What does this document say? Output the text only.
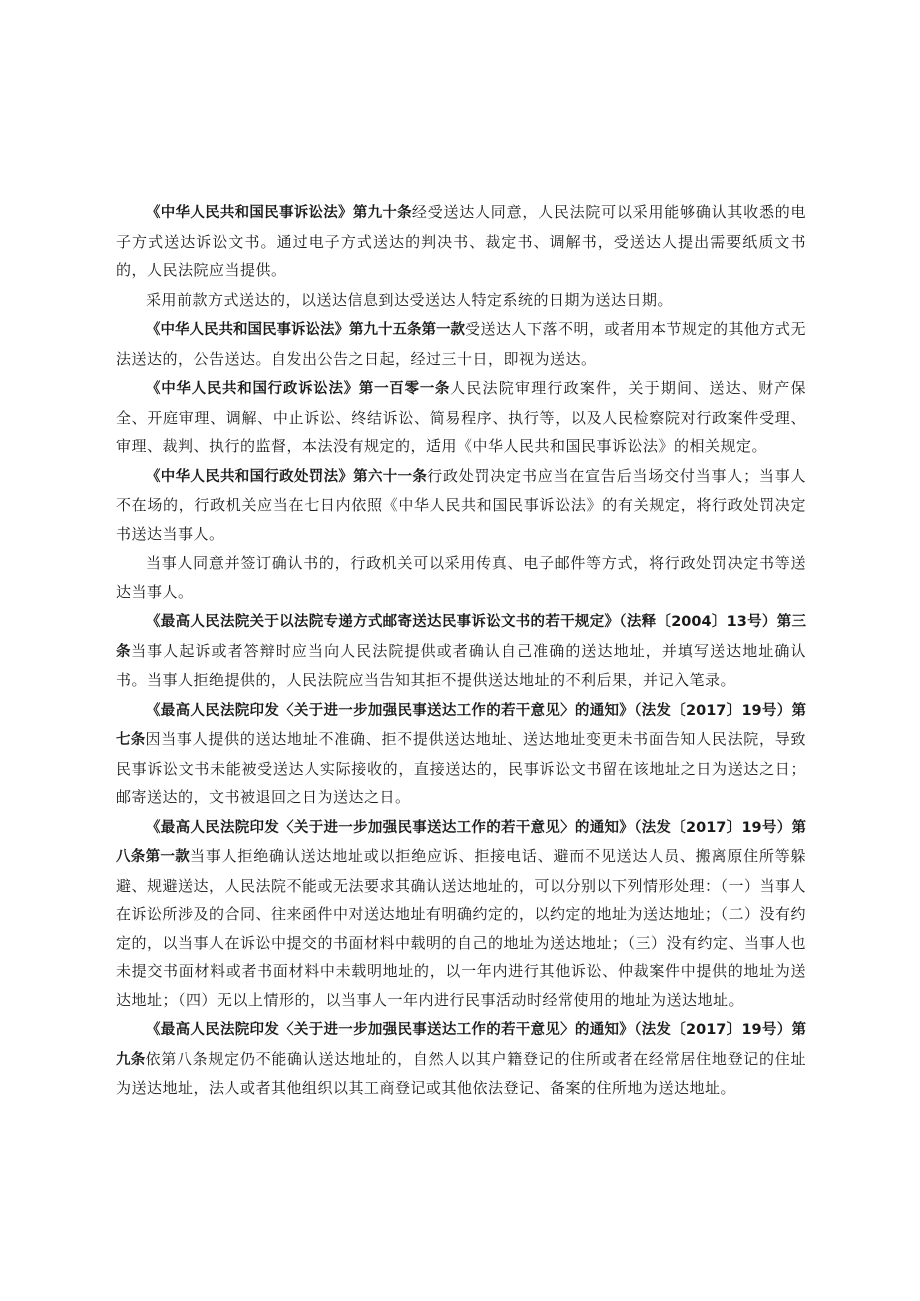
《中华人民共和国民事诉讼法》第九十条经受送达人同意，人民法院可以采用能够确认其收悉的电子方式送达诉讼文书。通过电子方式送达的判决书、裁定书、调解书，受送达人提出需要纸质文书的，人民法院应当提供。

采用前款方式送达的，以送达信息到达受送达人特定系统的日期为送达日期。

《中华人民共和国民事诉讼法》第九十五条第一款受送达人下落不明，或者用本节规定的其他方式无法送达的，公告送达。自发出公告之日起，经过三十日，即视为送达。

《中华人民共和国行政诉讼法》第一百零一条人民法院审理行政案件，关于期间、送达、财产保全、开庭审理、调解、中止诉讼、终结诉讼、简易程序、执行等，以及人民检察院对行政案件受理、审理、裁判、执行的监督，本法没有规定的，适用《中华人民共和国民事诉讼法》的相关规定。

《中华人民共和国行政处罚法》第六十一条行政处罚决定书应当在宣告后当场交付当事人；当事人不在场的，行政机关应当在七日内依照《中华人民共和国民事诉讼法》的有关规定，将行政处罚决定书送达当事人。

当事人同意并签订确认书的，行政机关可以采用传真、电子邮件等方式，将行政处罚决定书等送达当事人。

《最高人民法院关于以法院专递方式邮寄送达民事诉讼文书的若干规定》（法释〔2004〕13号）第三条当事人起诉或者答辩时应当向人民法院提供或者确认自己准确的送达地址，并填写送达地址确认书。当事人拒绝提供的，人民法院应当告知其拒不提供送达地址的不利后果，并记入笔录。

《最高人民法院印发〈关于进一步加强民事送达工作的若干意见〉的通知》（法发〔2017〕19号）第七条因当事人提供的送达地址不准确、拒不提供送达地址、送达地址变更未书面告知人民法院，导致民事诉讼文书未能被受送达人实际接收的，直接送达的，民事诉讼文书留在该地址之日为送达之日；邮寄送达的，文书被退回之日为送达之日。

《最高人民法院印发〈关于进一步加强民事送达工作的若干意见〉的通知》（法发〔2017〕19号）第八条第一款当事人拒绝确认送达地址或以拒绝应诉、拒接电话、避而不见送达人员、搬离原住所等躲避、规避送达，人民法院不能或无法要求其确认送达地址的，可以分别以下列情形处理：（一）当事人在诉讼所涉及的合同、往来函件中对送达地址有明确约定的，以约定的地址为送达地址；（二）没有约定的，以当事人在诉讼中提交的书面材料中载明的自己的地址为送达地址；（三）没有约定、当事人也未提交书面材料或者书面材料中未载明地址的，以一年内进行其他诉讼、仲裁案件中提供的地址为送达地址；（四）无以上情形的，以当事人一年内进行民事活动时经常使用的地址为送达地址。

《最高人民法院印发〈关于进一步加强民事送达工作的若干意见〉的通知》（法发〔2017〕19号）第九条依第八条规定仍不能确认送达地址的，自然人以其户籍登记的住所或者在经常居住地登记的住址为送达地址，法人或者其他组织以其工商登记或其他依法登记、备案的住所地为送达地址。
